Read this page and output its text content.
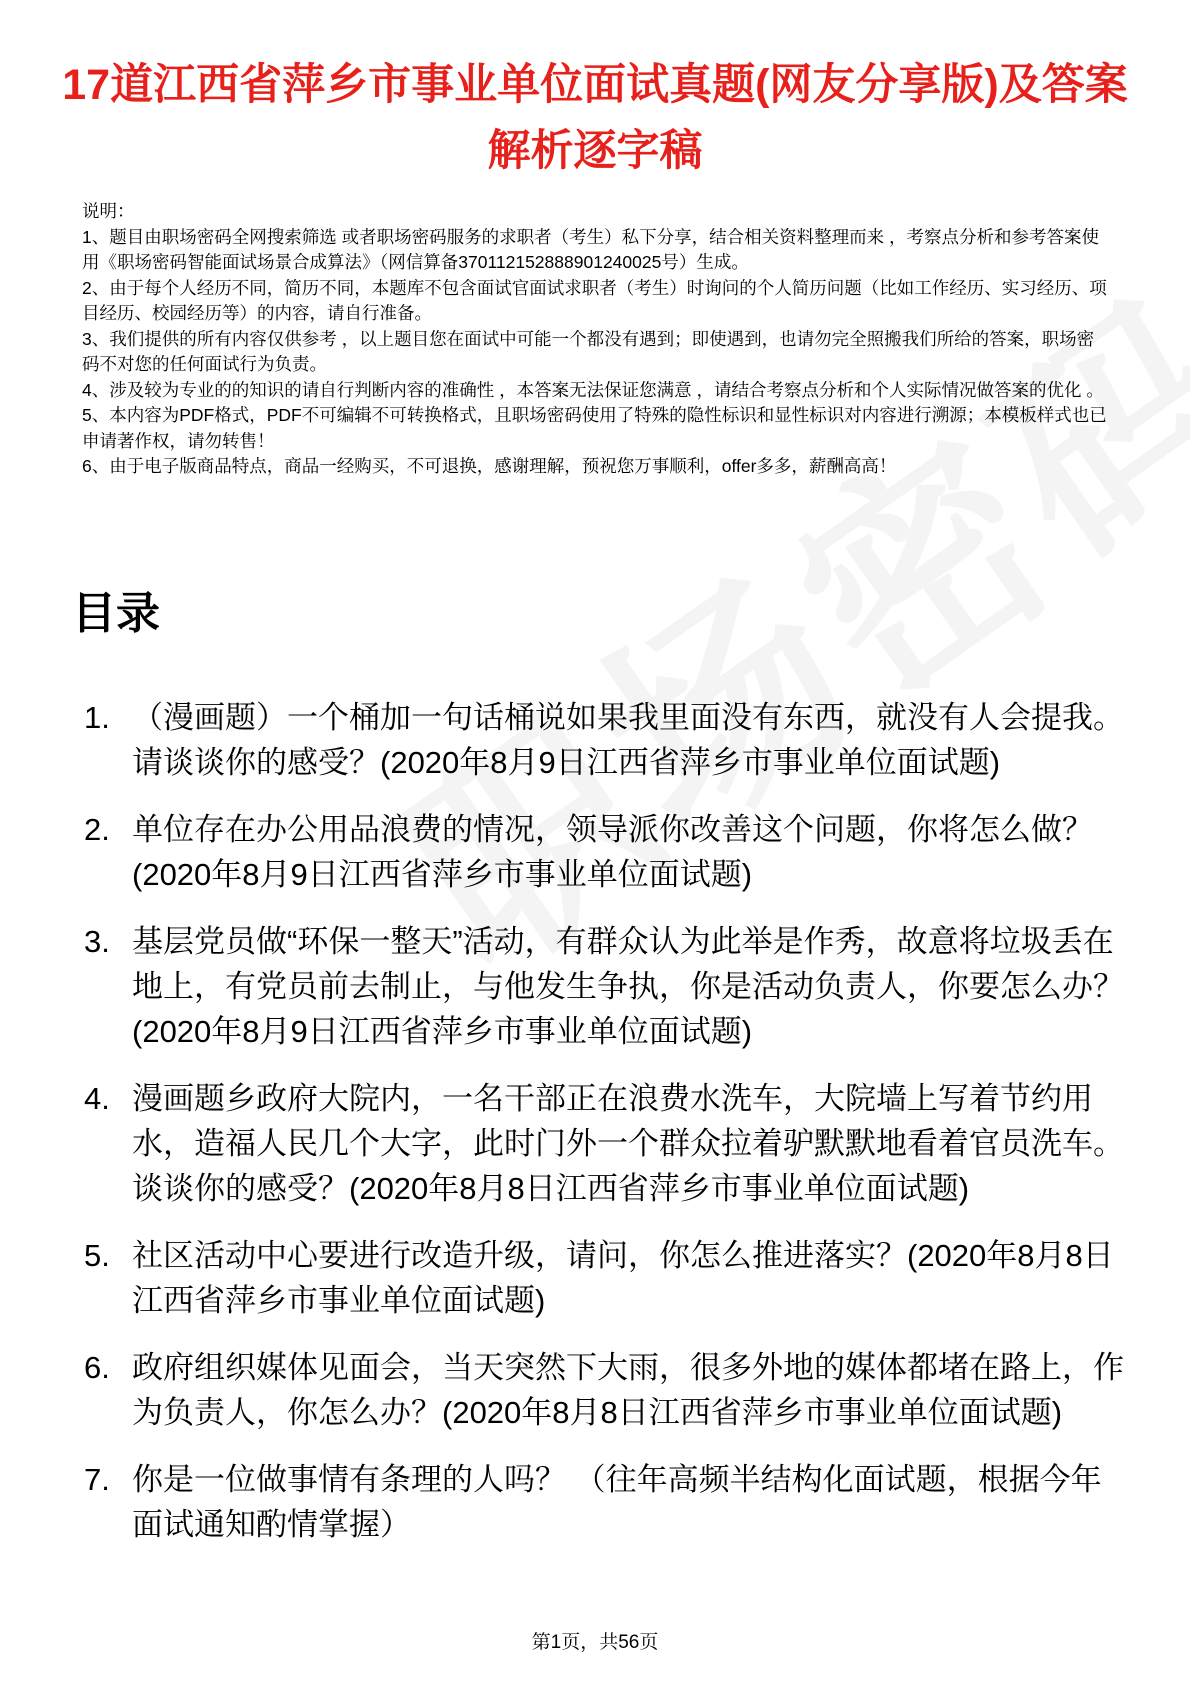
17道江西省萍乡市事业单位面试真题(网友分享版)及答案解析逐字稿

说明：

1、题目由职场密码全网搜索筛选 或者职场密码服务的求职者（考生）私下分享，结合相关资料整理而来 ，考察点分析和参考答案使用《职场密码智能面试场景合成算法》（网信算备370112152888901240025号）生成。

2、由于每个人经历不同，简历不同，本题库不包含面试官面试求职者（考生）时询问的个人简历问题（比如工作经历、实习经历、项目经历、校园经历等）的内容，请自行准备。

3、我们提供的所有内容仅供参考 ，以上题目您在面试中可能一个都没有遇到；即使遇到，也请勿完全照搬我们所给的答案，职场密码不对您的任何面试行为负责。

4、涉及较为专业的的知识的请自行判断内容的准确性 ，本答案无法保证您满意 ，请结合考察点分析和个人实际情况做答案的优化 。

5、本内容为PDF格式，PDF不可编辑不可转换格式，且职场密码使用了特殊的隐性标识和显性标识对内容进行溯源；本模板样式也已申请著作权，请勿转售！

6、由于电子版商品特点，商品一经购买，不可退换，感谢理解，预祝您万事顺利，offer多多，薪酬高高！

目录
1. （漫画题）一个桶加一句话桶说如果我里面没有东西，就没有人会提我。请谈谈你的感受？(2020年8月9日江西省萍乡市事业单位面试题)
2. 单位存在办公用品浪费的情况，领导派你改善这个问题，你将怎么做？(2020年8月9日江西省萍乡市事业单位面试题)
3. 基层党员做“环保一整天”活动，有群众认为此举是作秀，故意将垃圾丢在地上，有党员前去制止，与他发生争执，你是活动负责人，你要怎么办？(2020年8月9日江西省萍乡市事业单位面试题)
4. 漫画题乡政府大院内，一名干部正在浪费水洗车，大院墙上写着节约用水，造福人民几个大字，此时门外一个群众拉着驴默默地看着官员洗车。谈谈你的感受？(2020年8月8日江西省萍乡市事业单位面试题)
5. 社区活动中心要进行改造升级，请问，你怎么推进落实？(2020年8月8日江西省萍乡市事业单位面试题)
6. 政府组织媒体见面会，当天突然下大雨，很多外地的媒体都堵在路上，作为负责人，你怎么办？(2020年8月8日江西省萍乡市事业单位面试题)
7. 你是一位做事情有条理的人吗？ （往年高频半结构化面试题，根据今年面试通知酌情掌握）
第1页，共56页
